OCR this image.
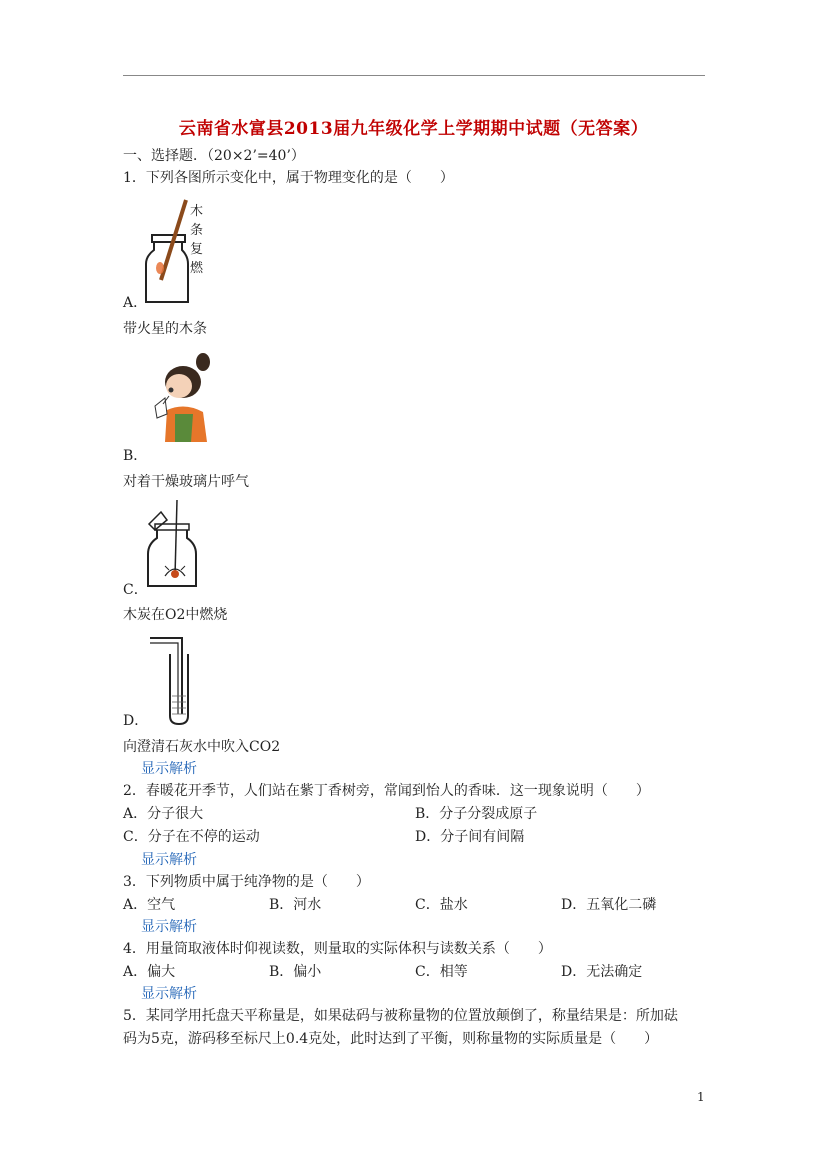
云南省水富县2013届九年级化学上学期期中试题（无答案）
一、选择题．（20×2’=40’）
1．下列各图所示变化中，属于物理变化的是（　　）
木条复燃
A．
带火星的木条
B．
对着干燥玻璃片呼气
C．
木炭在O2中燃烧
D．
向澄清石灰水中吹入CO2
显示解析
2．春暖花开季节，人们站在紫丁香树旁，常闻到怡人的香味．这一现象说明（　　）
A．分子很大	B．分子分裂成原子
C．分子在不停的运动	D．分子间有间隔
显示解析
3．下列物质中属于纯净物的是（　　）
A．空气	B．河水	C．盐水	D．五氧化二磷
显示解析
4．用量筒取液体时仰视读数，则量取的实际体积与读数关系（　　）
A．偏大	B．偏小	C．相等	D．无法确定
显示解析
5．某同学用托盘天平称量是，如果砝码与被称量物的位置放颠倒了，称量结果是：所加砝
码为5克，游码移至标尺上0.4克处，此时达到了平衡，则称量物的实际质量是（　　）
1
